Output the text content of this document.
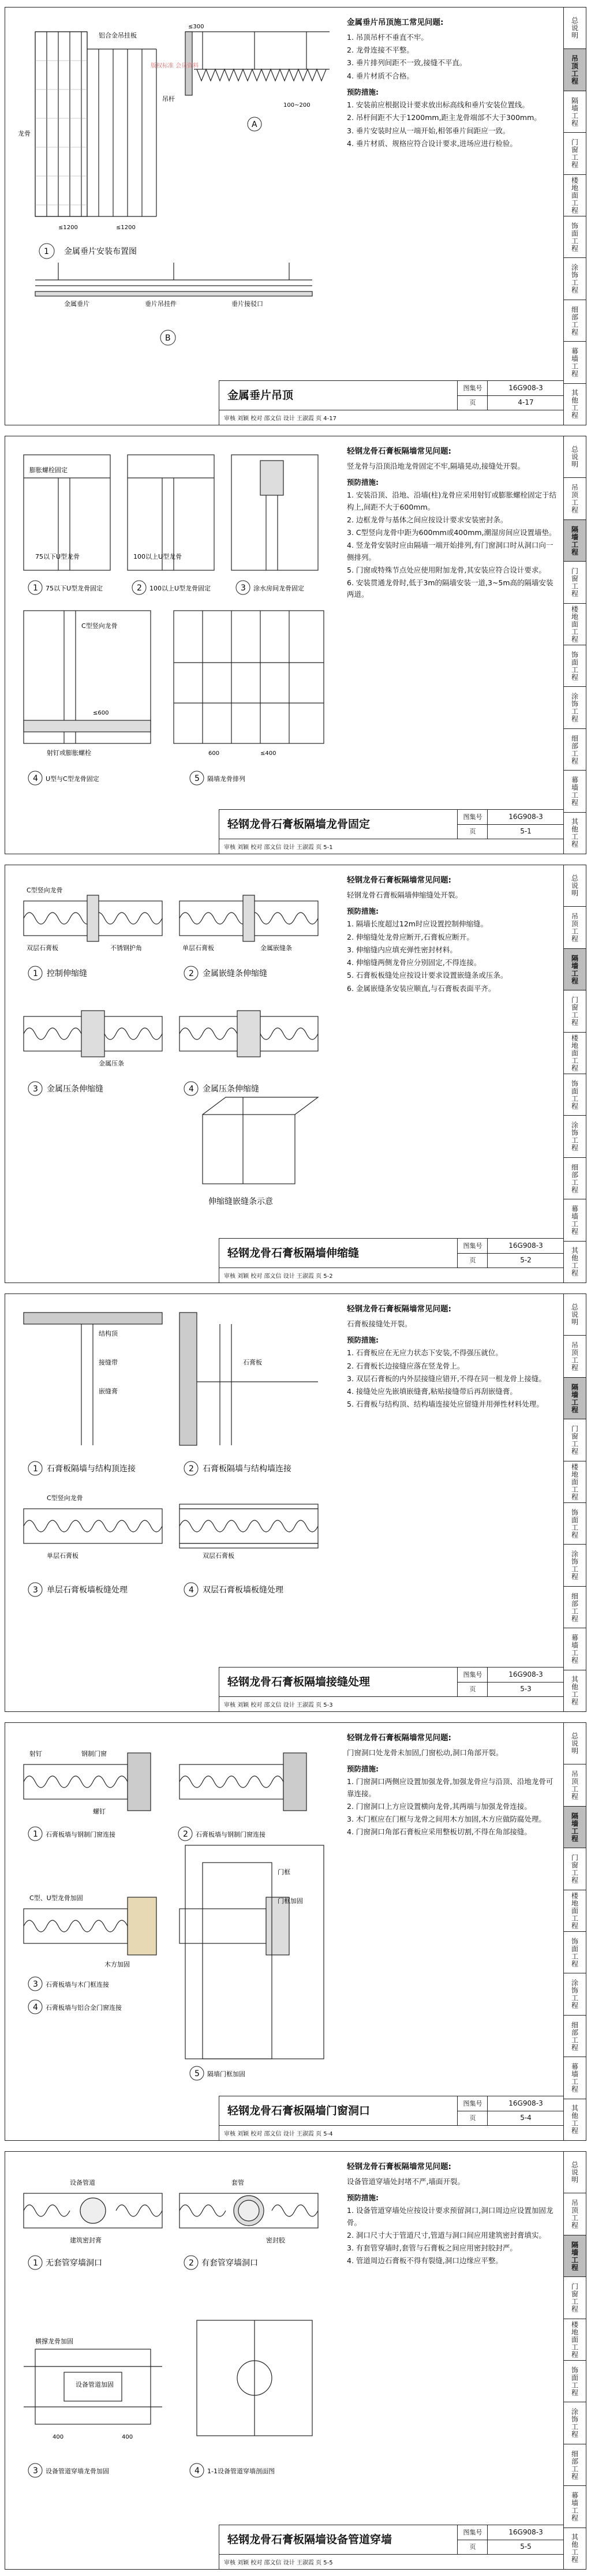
铝合金吊挂板
吊杆
龙骨
≤1200	≤1200
1 金属垂片安装布置图
≤300
100~200
A
金属垂片	垂片吊挂件	垂片接驳口
B
版权标准 会员资料
金属垂片吊顶施工常见问题:

1. 吊顶吊杆不垂直不牢。

2. 龙骨连接不平整。

3. 垂片排列间距不一致,接缝不平直。

4. 垂片材质不合格。

预防措施:

1. 安装前应根据设计要求放出标高线和垂片安装位置线。

2. 吊杆间距不大于1200mm,距主龙骨端部不大于300mm。

3. 垂片安装时应从一端开始,相邻垂片间距应一致。

4. 垂片材质、规格应符合设计要求,进场应进行检验。

金属垂片吊顶
图集号	16G908-3
页	4-17
审核 刘颖 校对 邵文信 设计 王淑霞 页 4-17
总说明
吊顶工程
隔墙工程
门窗工程
楼地面工程
饰面工程
涂饰工程
细部工程
幕墙工程
其他工程
膨胀螺栓固定
75以下U型龙骨	100以上U型龙骨
1 75以下U型龙骨固定	2 100以上U型龙骨固定	3 涂水房间龙骨固定
C型竖向龙骨
射钉或膨胀螺栓
≤600
600	≤400
4 U型与C型龙骨固定	5 隔墙龙骨排列
轻钢龙骨石膏板隔墙常见问题:

竖龙骨与沿顶沿地龙骨固定不牢,隔墙晃动,接缝处开裂。

预防措施:

1. 安装沿顶、沿地、沿墙(柱)龙骨应采用射钉或膨胀螺栓固定于结构上,间距不大于600mm。

2. 边框龙骨与基体之间应按设计要求安装密封条。

3. C型竖向龙骨中距为600mm或400mm,潮湿房间应设置墙垫。

4. 竖龙骨安装时应由隔墙一端开始排列,有门窗洞口时从洞口向一侧排列。

5. 门窗或特殊节点处应使用附加龙骨,其安装应符合设计要求。

6. 安装贯通龙骨时,低于3m的隔墙安装一道,3~5m高的隔墙安装两道。

轻钢龙骨石膏板隔墙龙骨固定
图集号	16G908-3
页	5-1
审核 刘颖 校对 邵文信 设计 王淑霞 页 5-1
总说明
吊顶工程
隔墙工程
门窗工程
楼地面工程
饰面工程
涂饰工程
细部工程
幕墙工程
其他工程
C型竖向龙骨
双层石膏板	不锈钢护角	单层石膏板	金属嵌缝条
金属压条
1 控制伸缩缝	2 金属嵌缝条伸缩缝
3 金属压条伸缩缝	4 金属压条伸缩缝
伸缩缝嵌缝条示意
轻钢龙骨石膏板隔墙常见问题:

轻钢龙骨石膏板隔墙伸缩缝处开裂。

预防措施:

1. 隔墙长度超过12m时应设置控制伸缩缝。

2. 伸缩缝处龙骨应断开,石膏板应断开。

3. 伸缩缝内应填充弹性密封材料。

4. 伸缩缝两侧龙骨应分别固定,不得连接。

5. 石膏板板缝处应按设计要求设置嵌缝条或压条。

6. 金属嵌缝条安装应顺直,与石膏板表面平齐。

轻钢龙骨石膏板隔墙伸缩缝
图集号	16G908-3
页	5-2
审核 刘颖 校对 邵文信 设计 王淑霞 页 5-2
总说明
吊顶工程
隔墙工程
门窗工程
楼地面工程
饰面工程
涂饰工程
细部工程
幕墙工程
其他工程
结构顶
接缝带
嵌缝膏
石膏板
C型竖向龙骨
单层石膏板	双层石膏板
1 石膏板隔墙与结构顶连接	2 石膏板隔墙与结构墙连接
3 单层石膏板墙板缝处理	4 双层石膏板墙板缝处理
轻钢龙骨石膏板隔墙常见问题:

石膏板接缝处开裂。

预防措施:

1. 石膏板应在无应力状态下安装,不得强压就位。

2. 石膏板长边接缝应落在竖龙骨上。

3. 双层石膏板的内外层接缝应错开,不得在同一根龙骨上接缝。

4. 接缝处应先嵌填嵌缝膏,粘贴接缝带后再刮嵌缝膏。

5. 石膏板与结构顶、结构墙连接处应留缝并用弹性材料处理。

轻钢龙骨石膏板隔墙接缝处理
图集号	16G908-3
页	5-3
审核 刘颖 校对 邵文信 设计 王淑霞 页 5-3
总说明
吊顶工程
隔墙工程
门窗工程
楼地面工程
饰面工程
涂饰工程
细部工程
幕墙工程
其他工程
射钉	钢制门窗
螺钉
C型、U型龙骨加固
木方加固
门框
门框加固
1 石膏板墙与钢制门窗连接	2 石膏板墙与钢制门窗连接
3 石膏板墙与木门框连接
4 石膏板墙与铝合金门窗连接
5 隔墙门框加固
轻钢龙骨石膏板隔墙常见问题:

门窗洞口处龙骨未加固,门窗松动,洞口角部开裂。

预防措施:

1. 门窗洞口两侧应设置加强龙骨,加强龙骨应与沿顶、沿地龙骨可靠连接。

2. 门窗洞口上方应设置横向龙骨,其两端与加强龙骨连接。

3. 木门框应在门框与龙骨之间用木方加固,木方应做防腐处理。

4. 门窗洞口角部石膏板应采用整板切割,不得在角部接缝。

轻钢龙骨石膏板隔墙门窗洞口
图集号	16G908-3
页	5-4
审核 刘颖 校对 邵文信 设计 王淑霞 页 5-4
总说明
吊顶工程
隔墙工程
门窗工程
楼地面工程
饰面工程
涂饰工程
细部工程
幕墙工程
其他工程
设备管道	套管
密封胶
建筑密封膏
横撑龙骨加固
设备管道加固
400	400
1 无套管穿墙洞口	2 有套管穿墙洞口
3 设备管道穿墙龙骨加固	4 1-1设备管道穿墙剖面图
轻钢龙骨石膏板隔墙常见问题:

设备管道穿墙处封堵不严,墙面开裂。

预防措施:

1. 设备管道穿墙处应按设计要求预留洞口,洞口周边应设置加固龙骨。

2. 洞口尺寸大于管道尺寸,管道与洞口间应用建筑密封膏填实。

3. 有套管穿墙时,套管与石膏板之间应用密封胶封严。

4. 管道周边石膏板不得有裂缝,洞口边缘应平整。

轻钢龙骨石膏板隔墙设备管道穿墙
图集号	16G908-3
页	5-5
审核 刘颖 校对 邵文信 设计 王淑霞 页 5-5
总说明
吊顶工程
隔墙工程
门窗工程
楼地面工程
饰面工程
涂饰工程
细部工程
幕墙工程
其他工程
